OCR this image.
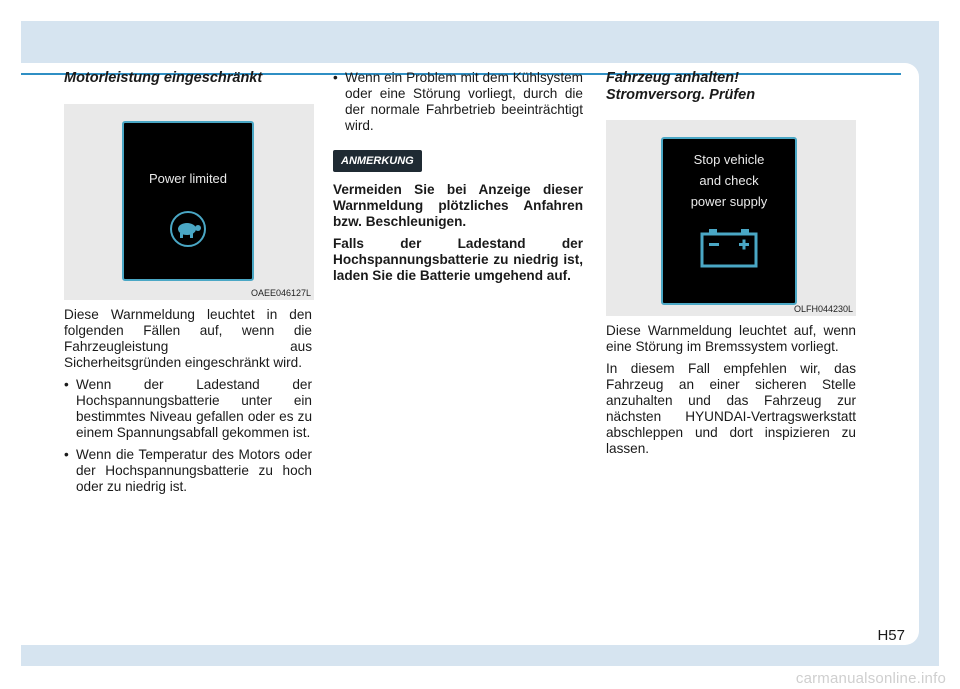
H57
Motorleistung eingeschränkt
Power limited
OAEE046127L

Diese Warnmeldung leuchtet in den folgenden Fällen auf, wenn die Fahrzeugleistung aus Sicherheitsgründen eingeschränkt wird.

• Wenn der Ladestand der Hochspannungsbatterie unter ein bestimmtes Niveau gefallen oder es zu einem Spannungsabfall gekommen ist.
• Wenn die Temperatur des Motors oder der Hochspannungsbatterie zu hoch oder zu niedrig ist.
• Wenn ein Problem mit dem Kühlsystem oder eine Störung vorliegt, durch die der normale Fahrbetrieb beeinträchtigt wird.
ANMERKUNG

Vermeiden Sie bei Anzeige dieser Warnmeldung plötzliches Anfahren bzw. Beschleunigen.

Falls der Ladestand der Hochspannungsbatterie zu niedrig ist, laden Sie die Batterie umgehend auf.

Fahrzeug anhalten!
Stromversorg. Prüfen
Stop vehicle
and check
power supply
OLFH044230L

Diese Warnmeldung leuchtet auf, wenn eine Störung im Bremssystem vorliegt.

In diesem Fall empfehlen wir, das Fahrzeug an einer sicheren Stelle anzuhalten und das Fahrzeug zur nächsten HYUNDAI-Vertragswerkstatt abschleppen und dort inspizieren zu lassen.

carmanualsonline.info
